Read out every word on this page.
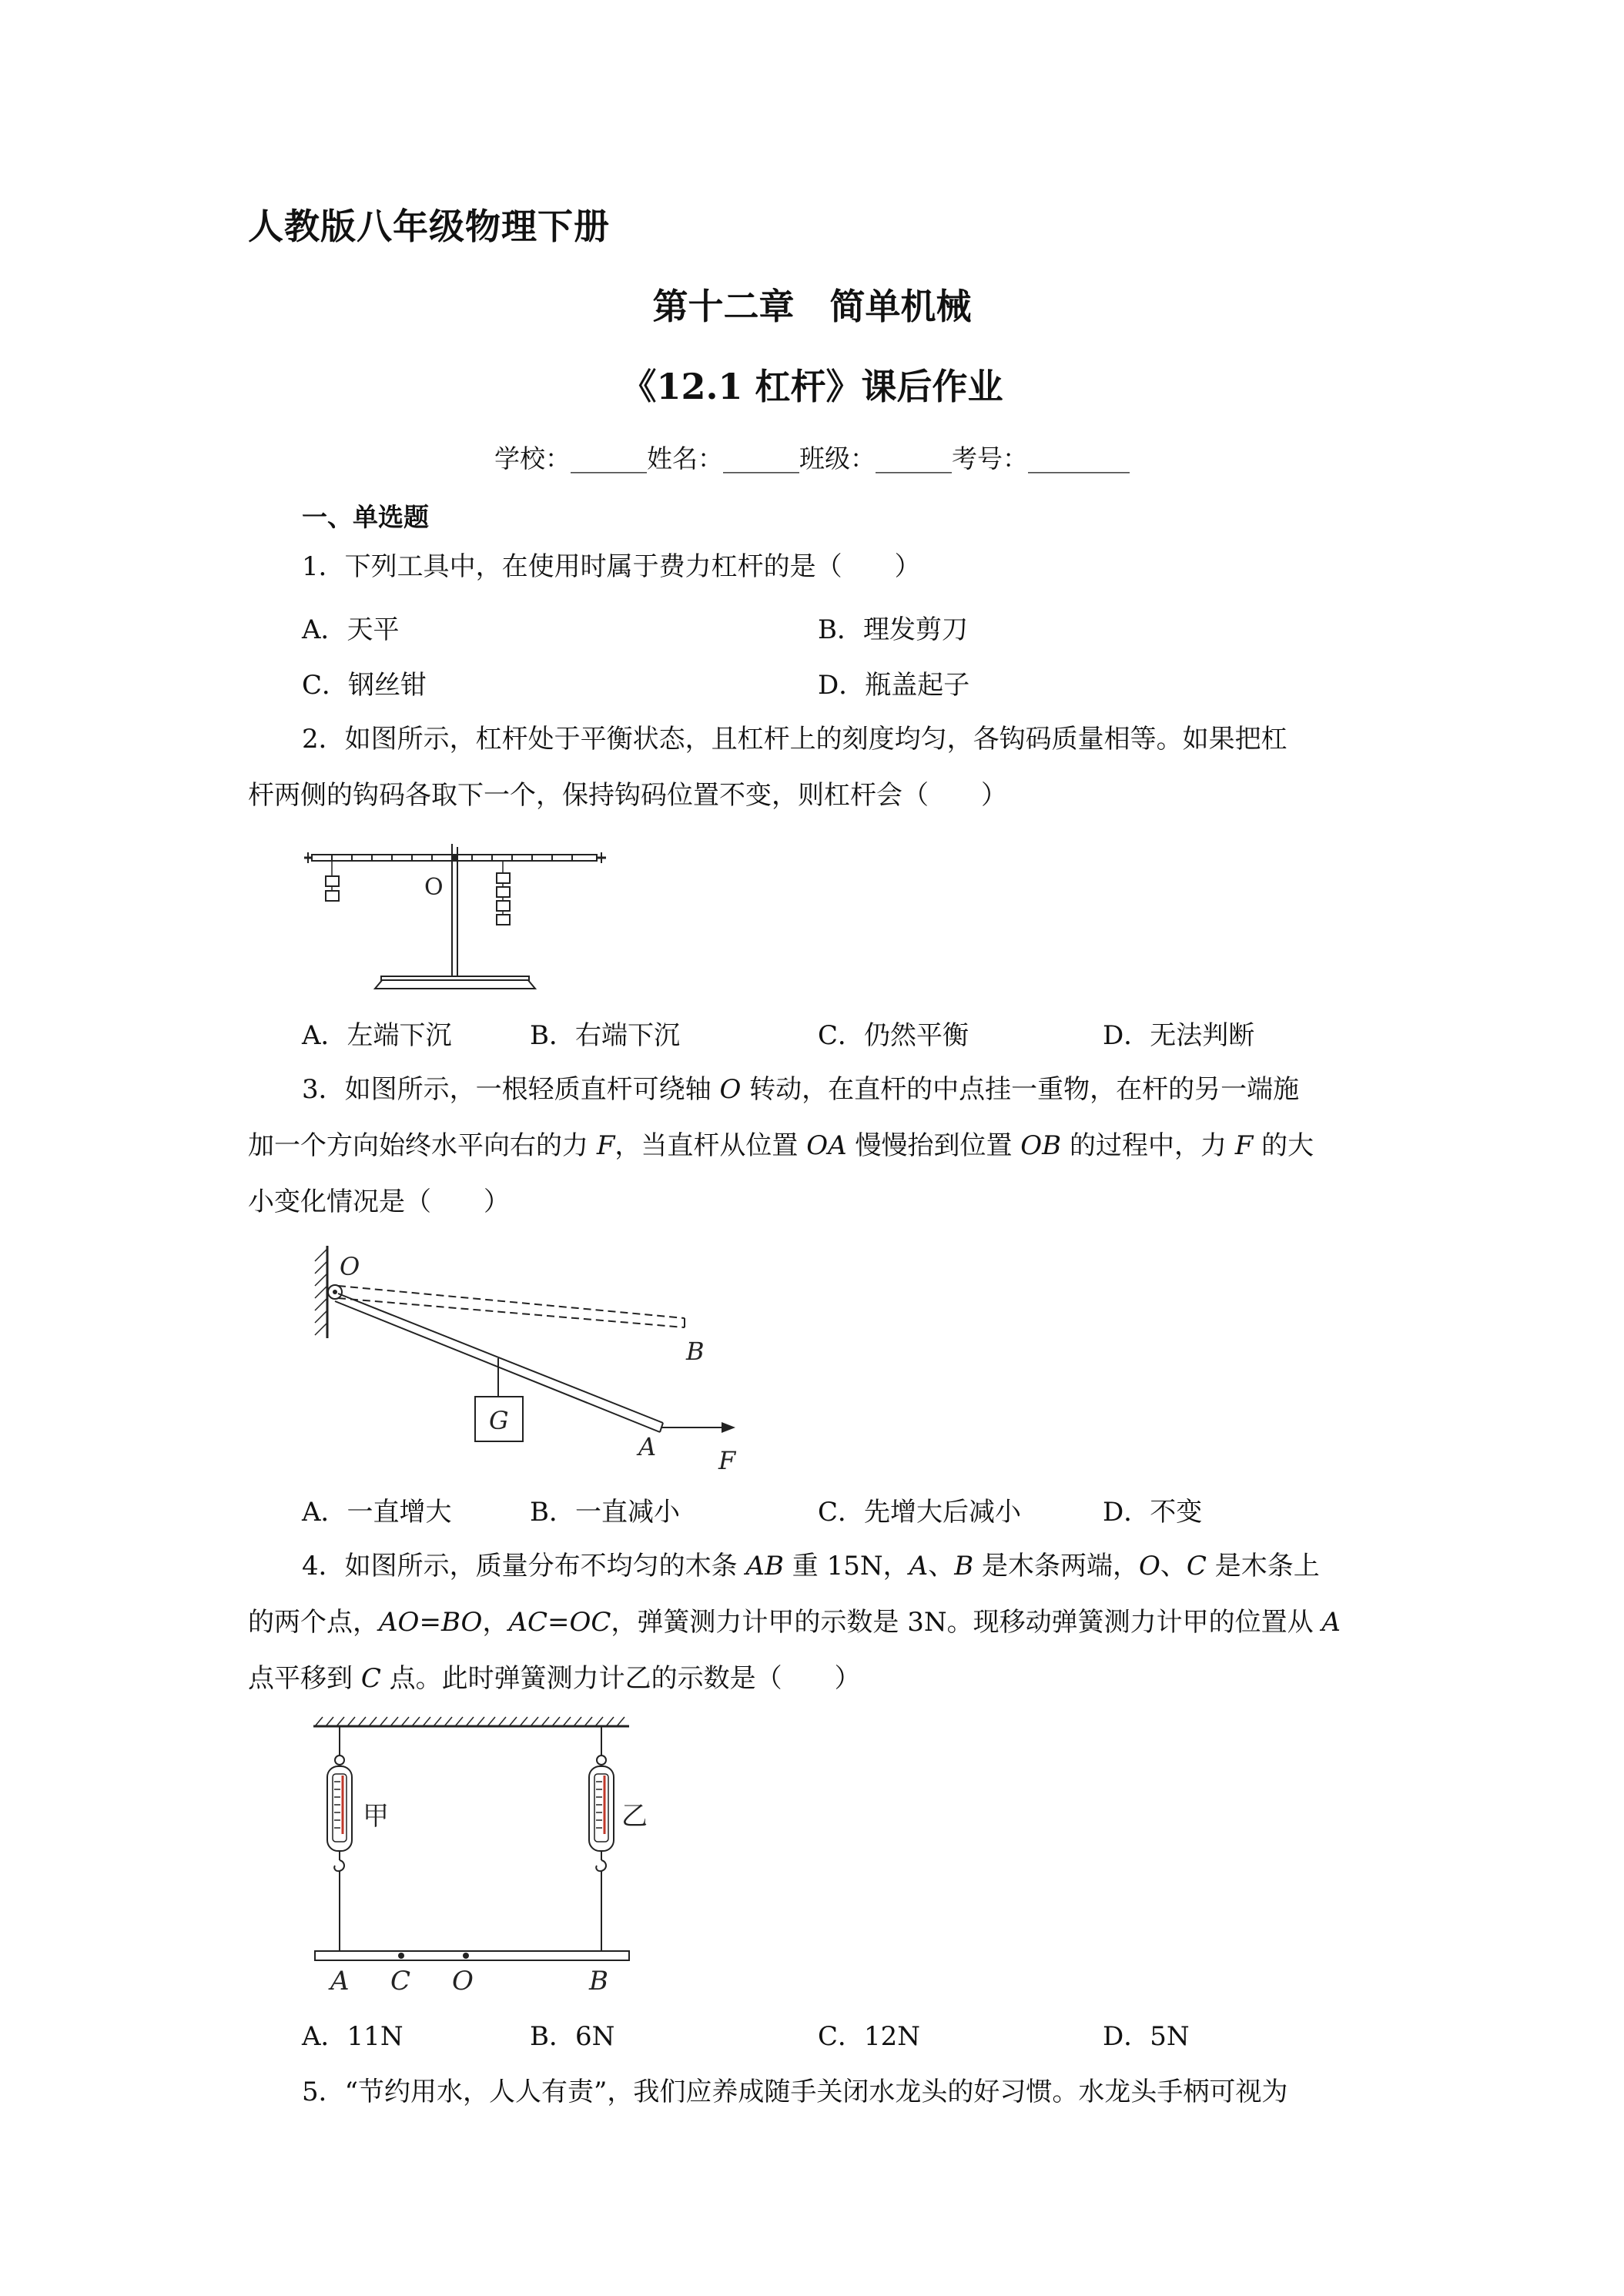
人教版八年级物理下册
第十二章　简单机械
《12.1 杠杆》课后作业
学校：______姓名：______班级：______考号：________
一、单选题
1．下列工具中，在使用时属于费力杠杆的是（　　）
A．天平	B．理发剪刀
C．钢丝钳	D．瓶盖起子
2．如图所示，杠杆处于平衡状态，且杠杆上的刻度均匀，各钩码质量相等。如果把杠
杆两侧的钩码各取下一个，保持钩码位置不变，则杠杆会（　　）
O
A．左端下沉	B．右端下沉	C．仍然平衡	D．无法判断
3．如图所示，一根轻质直杆可绕轴 O 转动，在直杆的中点挂一重物，在杆的另一端施
加一个方向始终水平向右的力 F，当直杆从位置 OA 慢慢抬到位置 OB 的过程中，力 F 的大
小变化情况是（　　）
O
B
G
A	F
A．一直增大	B．一直减小	C．先增大后减小	D．不变
4．如图所示，质量分布不均匀的木条 AB 重 15N，A、B 是木条两端，O、C 是木条上
的两个点，AO=BO，AC=OC，弹簧测力计甲的示数是 3N。现移动弹簧测力计甲的位置从 A
点平移到 C 点。此时弹簧测力计乙的示数是（　　）
甲	乙
A C O	B
A．11N	B．6N	C．12N	D．5N
5．“节约用水，人人有责”，我们应养成随手关闭水龙头的好习惯。水龙头手柄可视为
